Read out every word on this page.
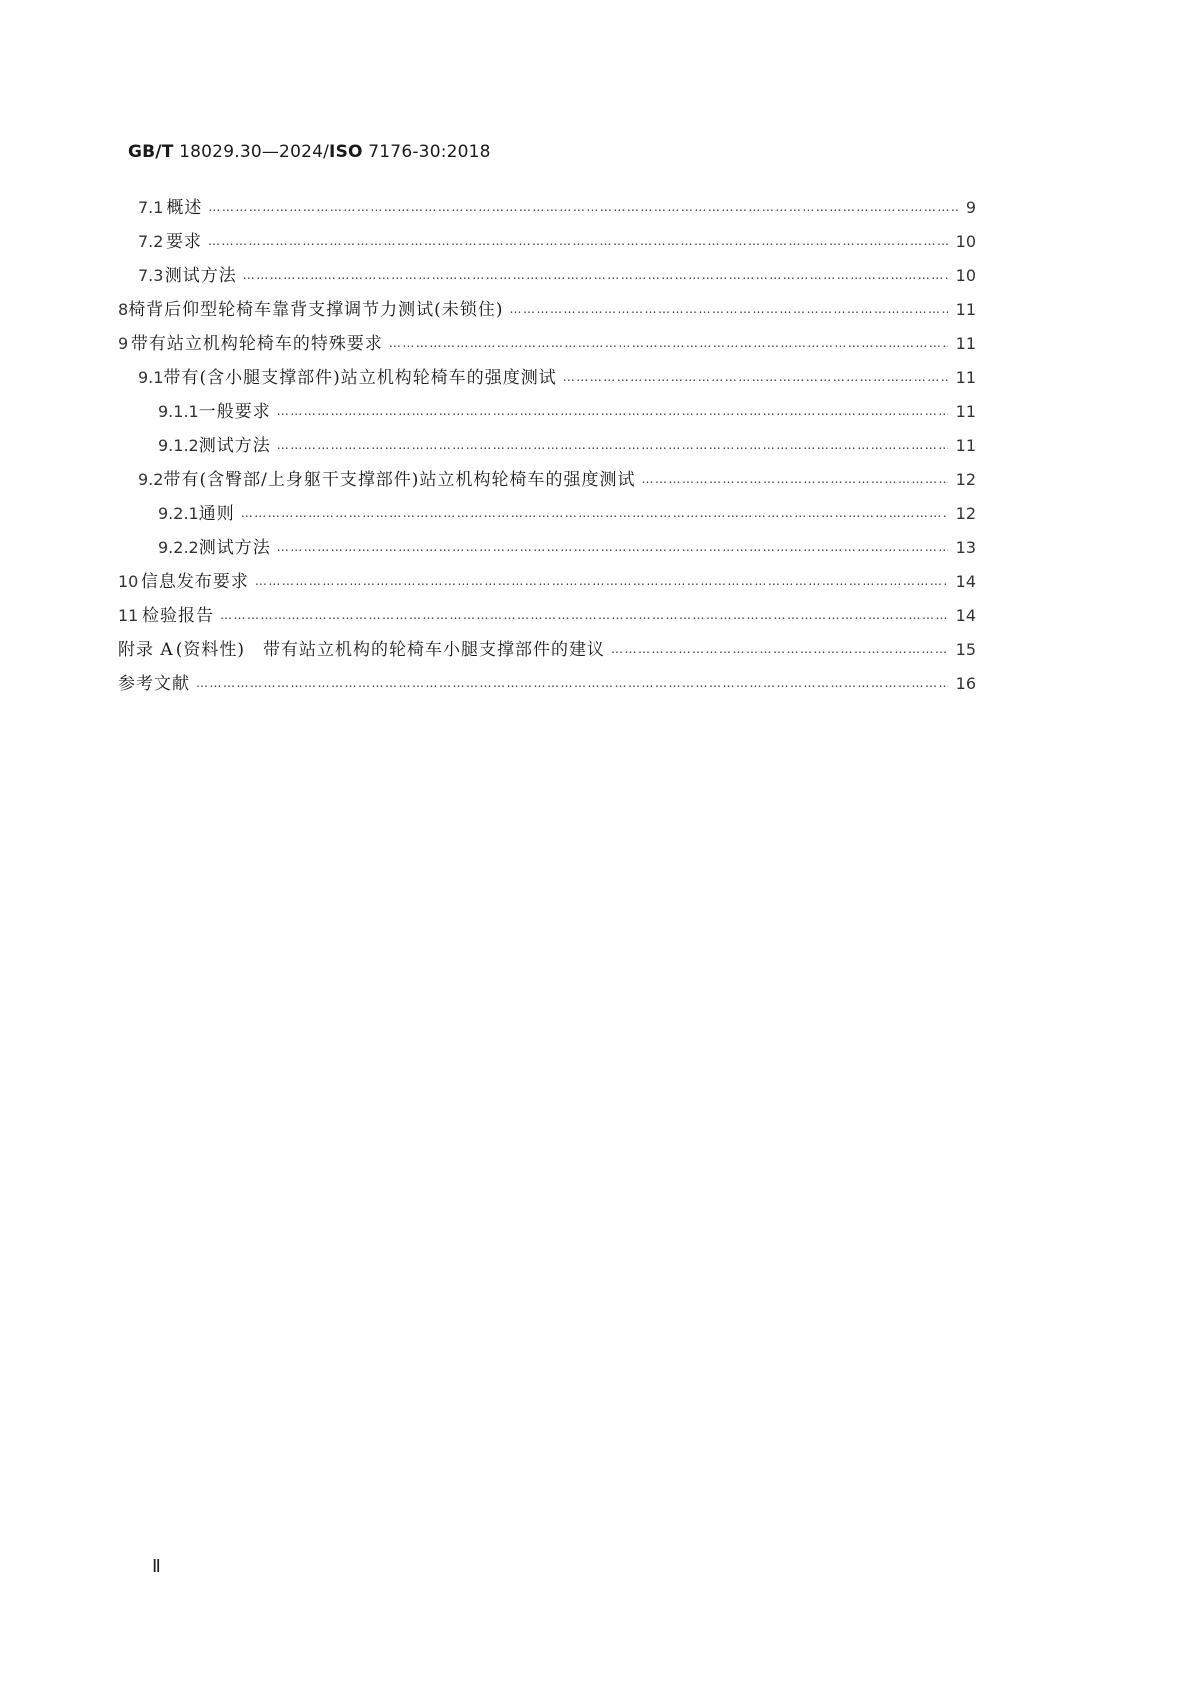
GB/T 18029.30—2024/ISO 7176-30:2018
7.1 概述 ………………………………………………………………………………………………………………………………………………………………………………………………………………………………………………	9
7.2 要求 ………………………………………………………………………………………………………………………………………………………………………………………………………………………………………………	10
7.3 测试方法 ………………………………………………………………………………………………………………………………………………………………………………………………………………………………………………	10
8 椅背后仰型轮椅车靠背支撑调节力测试(未锁住) ………………………………………………………………………………………………………………………………………………………………………………………………………………………………………………	11
9 带有站立机构轮椅车的特殊要求 ………………………………………………………………………………………………………………………………………………………………………………………………………………………………………………	11
9.1 带有(含小腿支撑部件)站立机构轮椅车的强度测试 ………………………………………………………………………………………………………………………………………………………………………………………………………………………………………………	11
9.1.1 一般要求 ………………………………………………………………………………………………………………………………………………………………………………………………………………………………………………	11
9.1.2 测试方法 ………………………………………………………………………………………………………………………………………………………………………………………………………………………………………………	11
9.2 带有(含臀部/上身躯干支撑部件)站立机构轮椅车的强度测试 ………………………………………………………………………………………………………………………………………………………………………………………………………………………………………………	12
9.2.1 通则 ………………………………………………………………………………………………………………………………………………………………………………………………………………………………………………	12
9.2.2 测试方法 ………………………………………………………………………………………………………………………………………………………………………………………………………………………………………………	13
10 信息发布要求 ………………………………………………………………………………………………………………………………………………………………………………………………………………………………………………	14
11 检验报告 ………………………………………………………………………………………………………………………………………………………………………………………………………………………………………………	14
附录 A (资料性)　带有站立机构的轮椅车小腿支撑部件的建议 ………………………………………………………………………………………………………………………………………………………………………………………………………………………………………………	15
参考文献 ………………………………………………………………………………………………………………………………………………………………………………………………………………………………………………	16
Ⅱ
